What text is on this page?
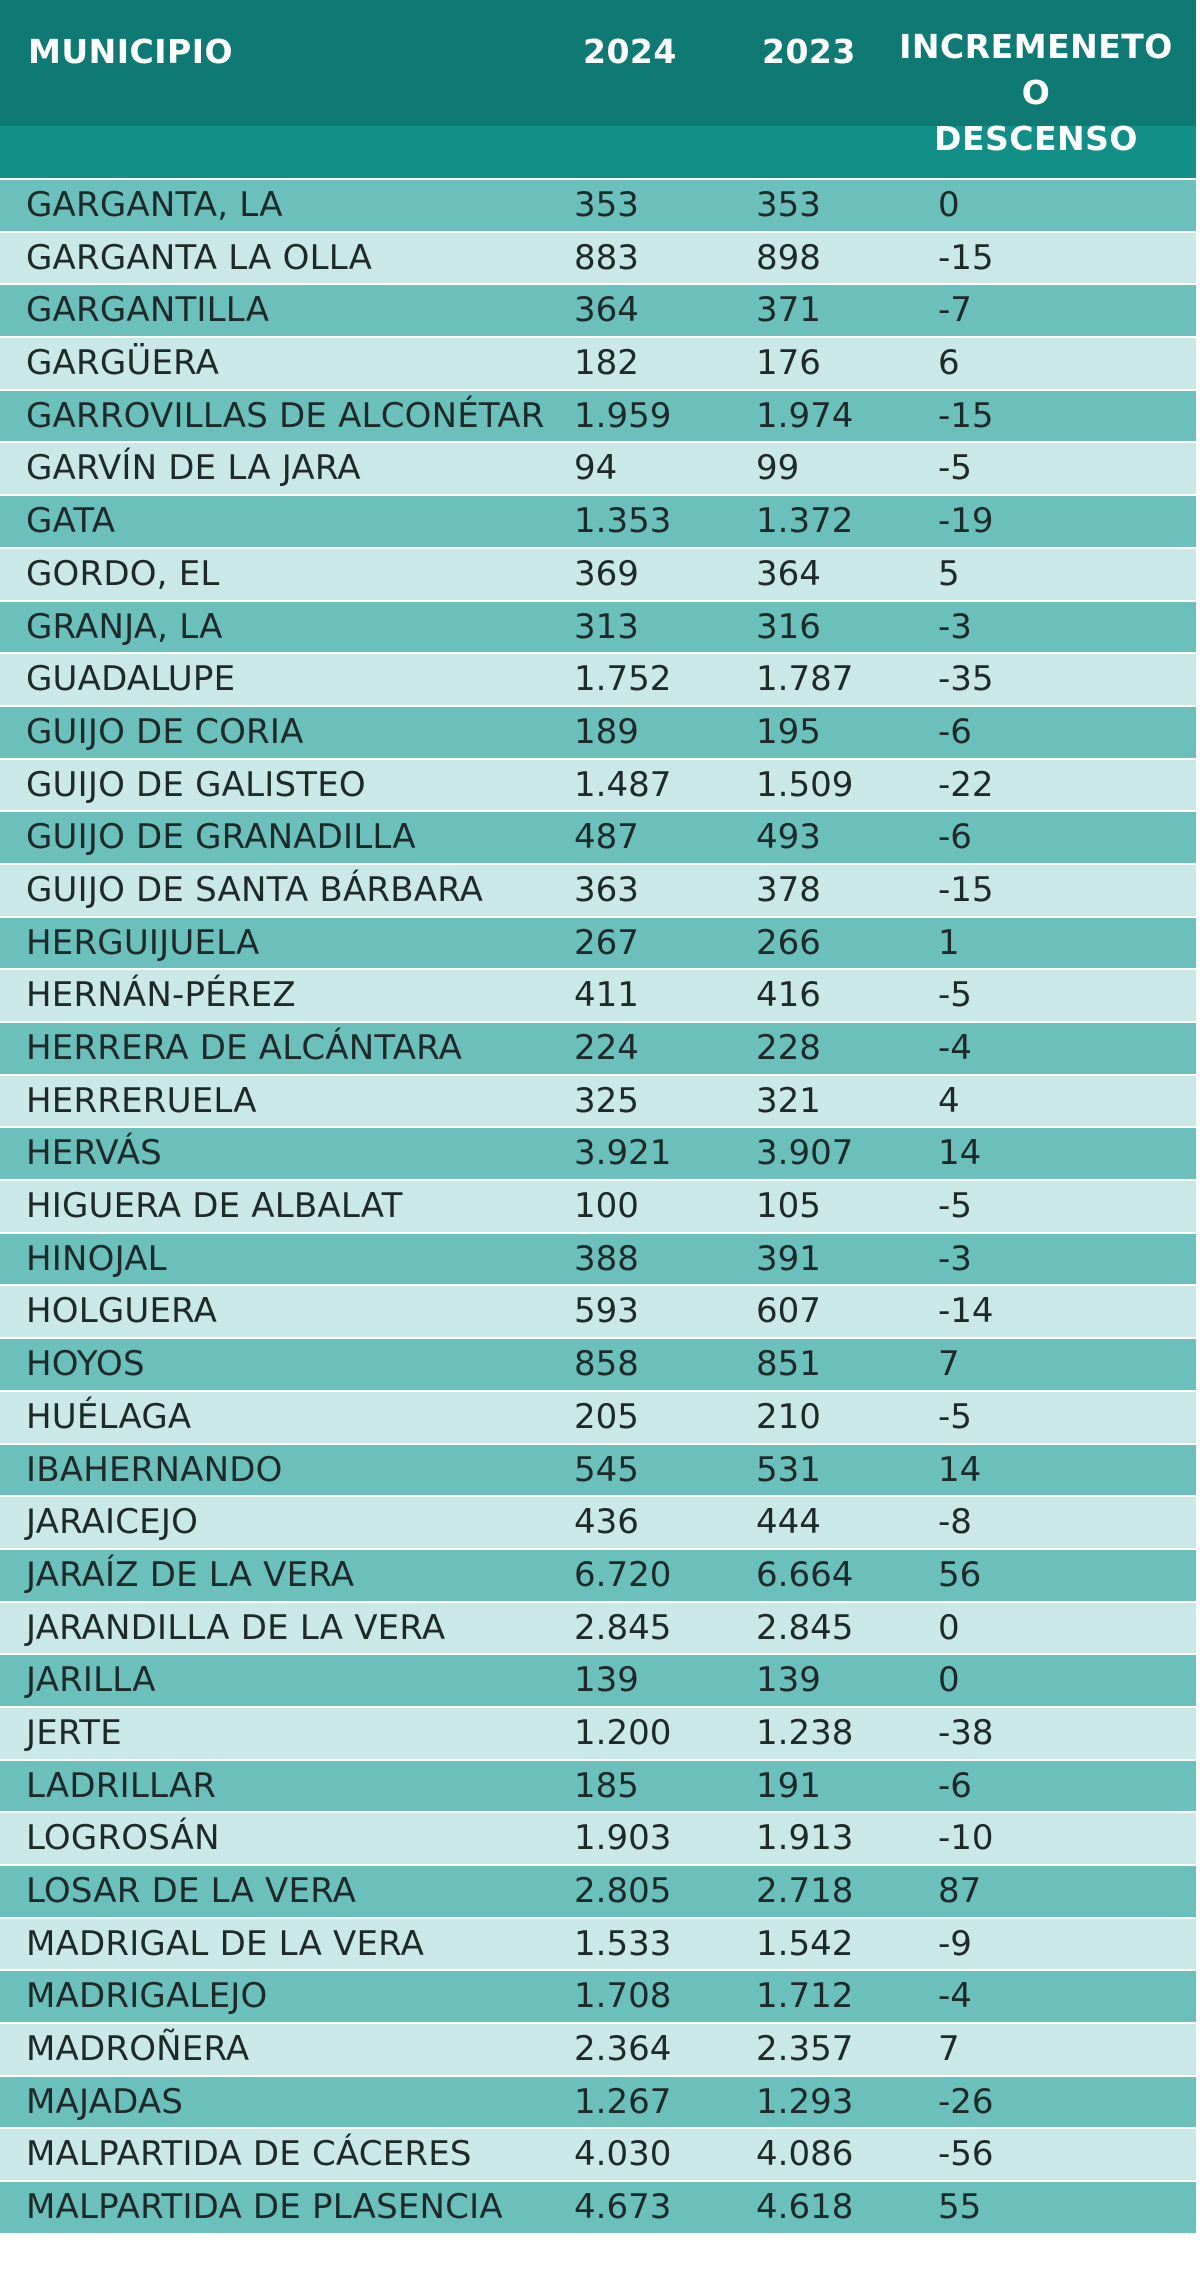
MUNICIPIO	2024	2023	INCREMENETO O
DESCENSO
GARGANTA, LA	353	353	0
GARGANTA LA OLLA	883	898	-15
GARGANTILLA	364	371	-7
GARGÜERA	182	176	6
GARROVILLAS DE ALCONÉTAR 1.959 1.974 -15
GARVÍN DE LA JARA	94	99	-5
GATA	1.353 1.372 -19
GORDO, EL	369	364	5
GRANJA, LA	313	316	-3
GUADALUPE	1.752 1.787 -35
GUIJO DE CORIA	189	195	-6
GUIJO DE GALISTEO	1.487 1.509 -22
GUIJO DE GRANADILLA	487	493	-6
GUIJO DE SANTA BÁRBARA	363	378	-15
HERGUIJUELA	267	266	1
HERNÁN-PÉREZ	411	416	-5
HERRERA DE ALCÁNTARA	224	228	-4
HERRERUELA	325	321	4
HERVÁS	3.921 3.907 14
HIGUERA DE ALBALAT	100	105	-5
HINOJAL	388	391	-3
HOLGUERA	593	607	-14
HOYOS	858	851	7
HUÉLAGA	205	210	-5
IBAHERNANDO	545	531	14
JARAICEJO	436	444	-8
JARAÍZ DE LA VERA	6.720 6.664 56
JARANDILLA DE LA VERA	2.845 2.845 0
JARILLA	139	139	0
JERTE	1.200 1.238 -38
LADRILLAR	185	191	-6
LOGROSÁN	1.903 1.913 -10
LOSAR DE LA VERA	2.805 2.718 87
MADRIGAL DE LA VERA	1.533 1.542 -9
MADRIGALEJO	1.708 1.712 -4
MADROÑERA	2.364 2.357 7
MAJADAS	1.267 1.293 -26
MALPARTIDA DE CÁCERES	4.030 4.086 -56
MALPARTIDA DE PLASENCIA 4.673 4.618 55
